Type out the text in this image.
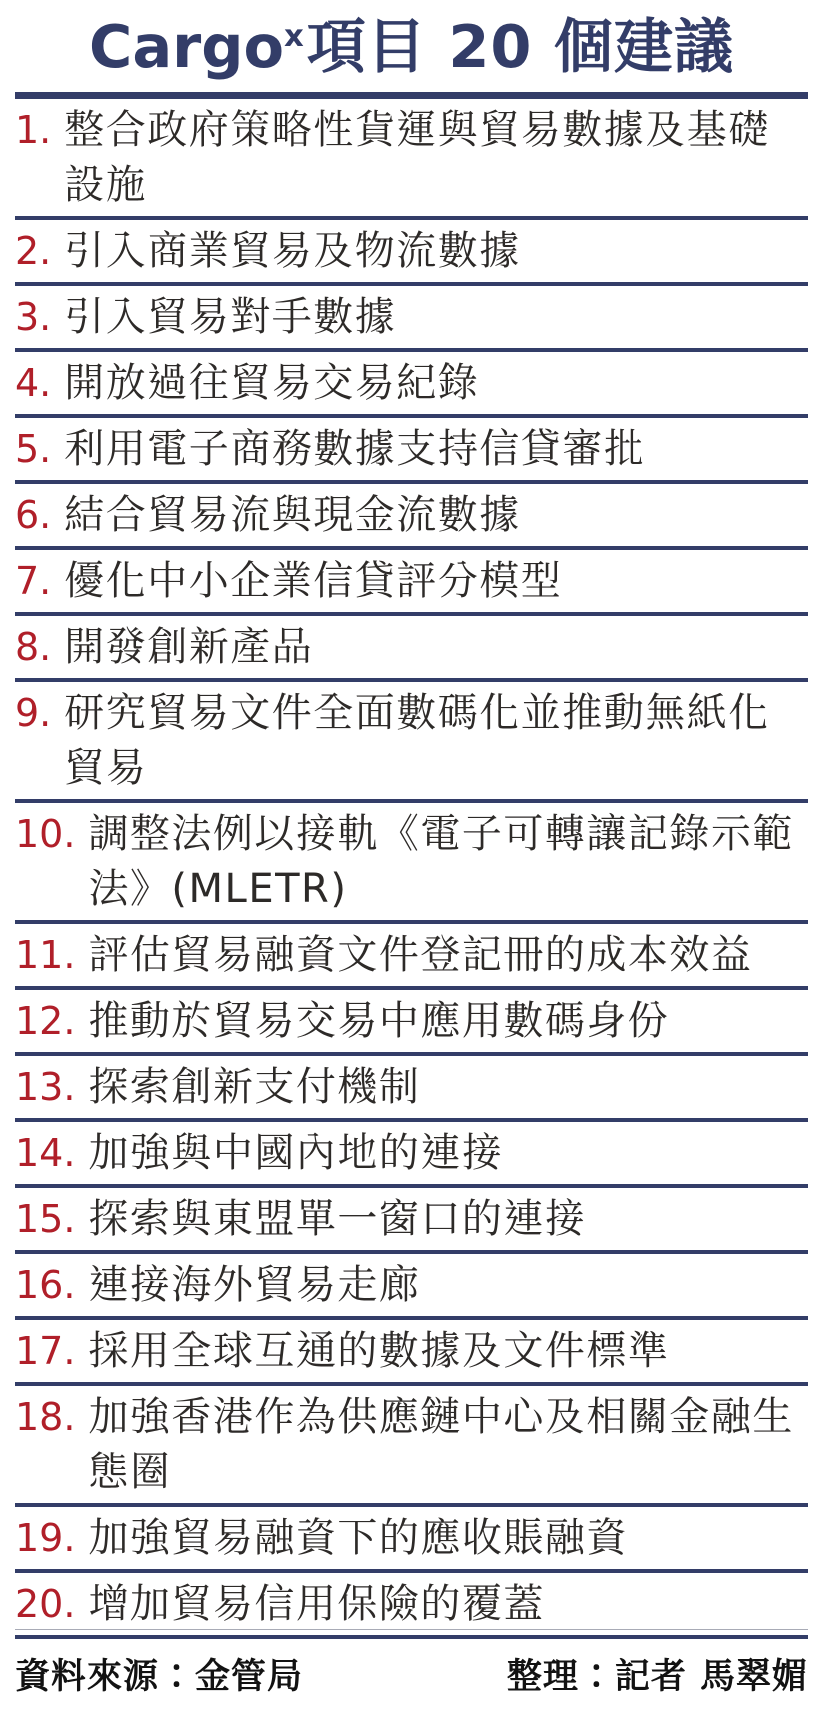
Cargo$^x$項目 20 個建議
1. 整合政府策略性貨運與貿易數據及基礎設施
2. 引入商業貿易及物流數據
3. 引入貿易對手數據
4. 開放過往貿易交易紀錄
5. 利用電子商務數據支持信貸審批
6. 結合貿易流與現金流數據
7. 優化中小企業信貸評分模型
8. 開發創新產品
9. 研究貿易文件全面數碼化並推動無紙化貿易
10. 調整法例以接軌《電子可轉讓記錄示範法》(MLETR)
11. 評估貿易融資文件登記冊的成本效益
12. 推動於貿易交易中應用數碼身份
13. 探索創新支付機制
14. 加強與中國內地的連接
15. 探索與東盟單一窗口的連接
16. 連接海外貿易走廊
17. 採用全球互通的數據及文件標準
18. 加強香港作為供應鏈中心及相關金融生態圈
19. 加強貿易融資下的應收賬融資
20. 增加貿易信用保險的覆蓋
資料來源：金管局	整理：記者 馬翠媚
